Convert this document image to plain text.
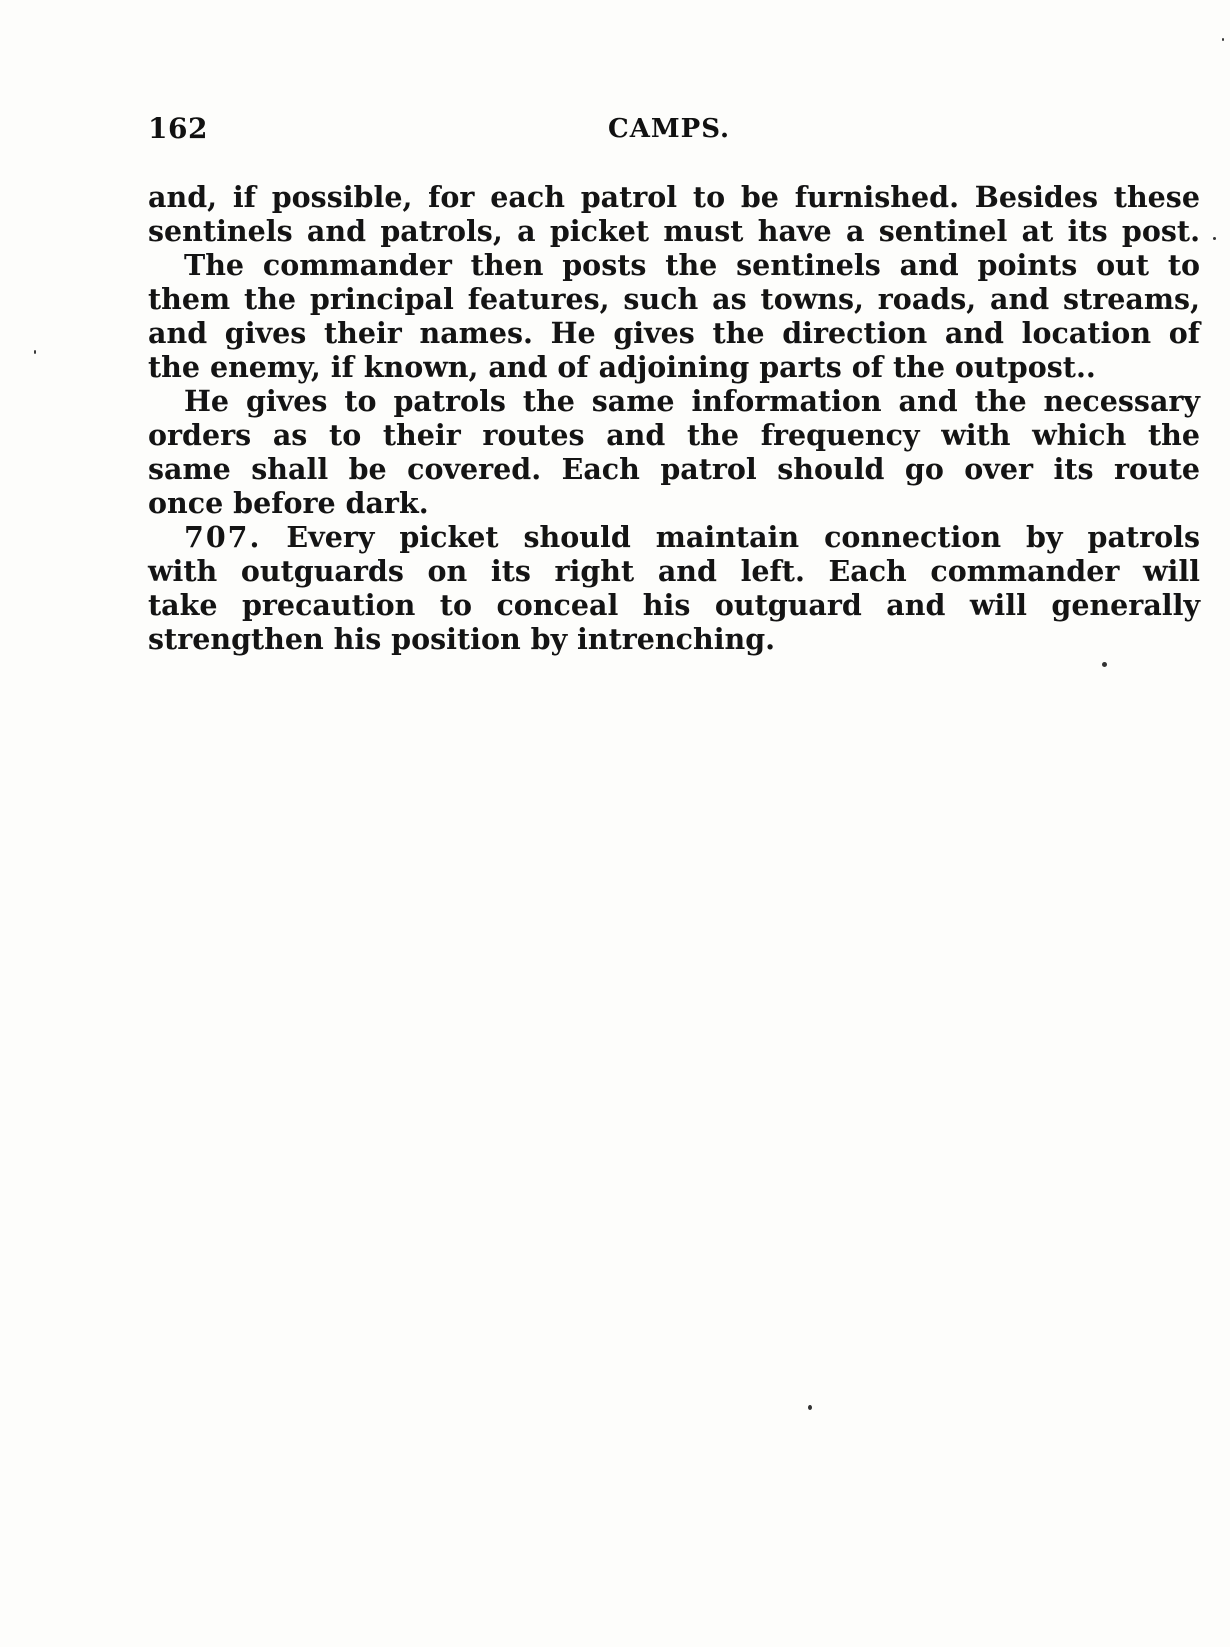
162	CAMPS.
and, if possible, for each patrol to be furnished. Besides these
sentinels and patrols, a picket must have a sentinel at its post.
The commander then posts the sentinels and points out to
them the principal features, such as towns, roads, and streams,
and gives their names. He gives the direction and location of
the enemy, if known, and of adjoining parts of the outpost..
He gives to patrols the same information and the necessary
orders as to their routes and the frequency with which the
same shall be covered. Each patrol should go over its route
once before dark.
707. Every picket should maintain connection by patrols
with outguards on its right and left. Each commander will
take precaution to conceal his outguard and will generally
strengthen his position by intrenching.
